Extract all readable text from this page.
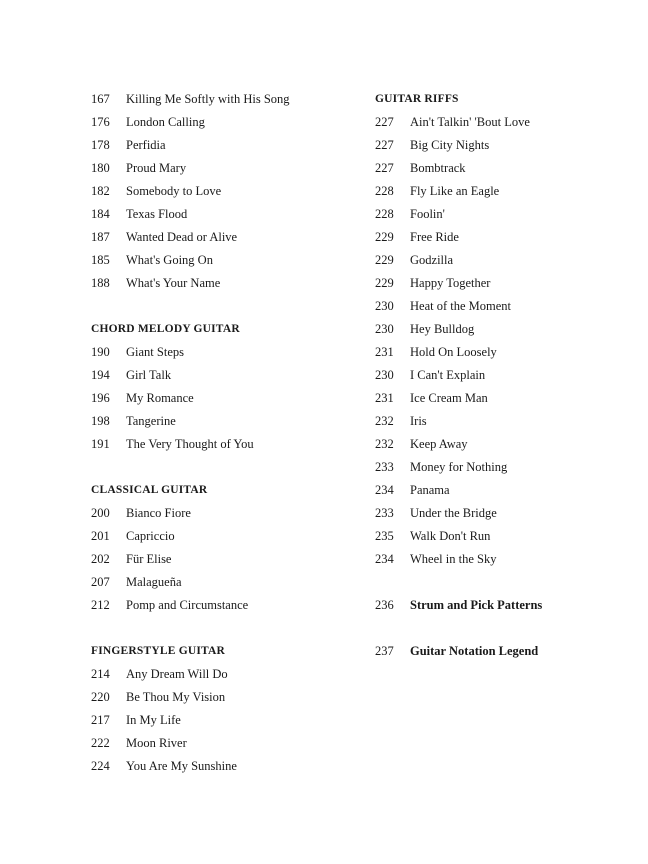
167	Killing Me Softly with His Song
176	London Calling
178	Perfidia
180	Proud Mary
182	Somebody to Love
184	Texas Flood
187	Wanted Dead or Alive
185	What's Going On
188	What's Your Name
CHORD MELODY GUITAR
190	Giant Steps
194	Girl Talk
196	My Romance
198	Tangerine
191	The Very Thought of You
CLASSICAL GUITAR
200	Bianco Fiore
201	Capriccio
202	Für Elise
207	Malagueña
212	Pomp and Circumstance
FINGERSTYLE GUITAR
214	Any Dream Will Do
220	Be Thou My Vision
217	In My Life
222	Moon River
224	You Are My Sunshine
GUITAR RIFFS
227	Ain't Talkin' 'Bout Love
227	Big City Nights
227	Bombtrack
228	Fly Like an Eagle
228	Foolin'
229	Free Ride
229	Godzilla
229	Happy Together
230	Heat of the Moment
230	Hey Bulldog
231	Hold On Loosely
230	I Can't Explain
231	Ice Cream Man
232	Iris
232	Keep Away
233	Money for Nothing
234	Panama
233	Under the Bridge
235	Walk Don't Run
234	Wheel in the Sky
236	Strum and Pick Patterns
237	Guitar Notation Legend
